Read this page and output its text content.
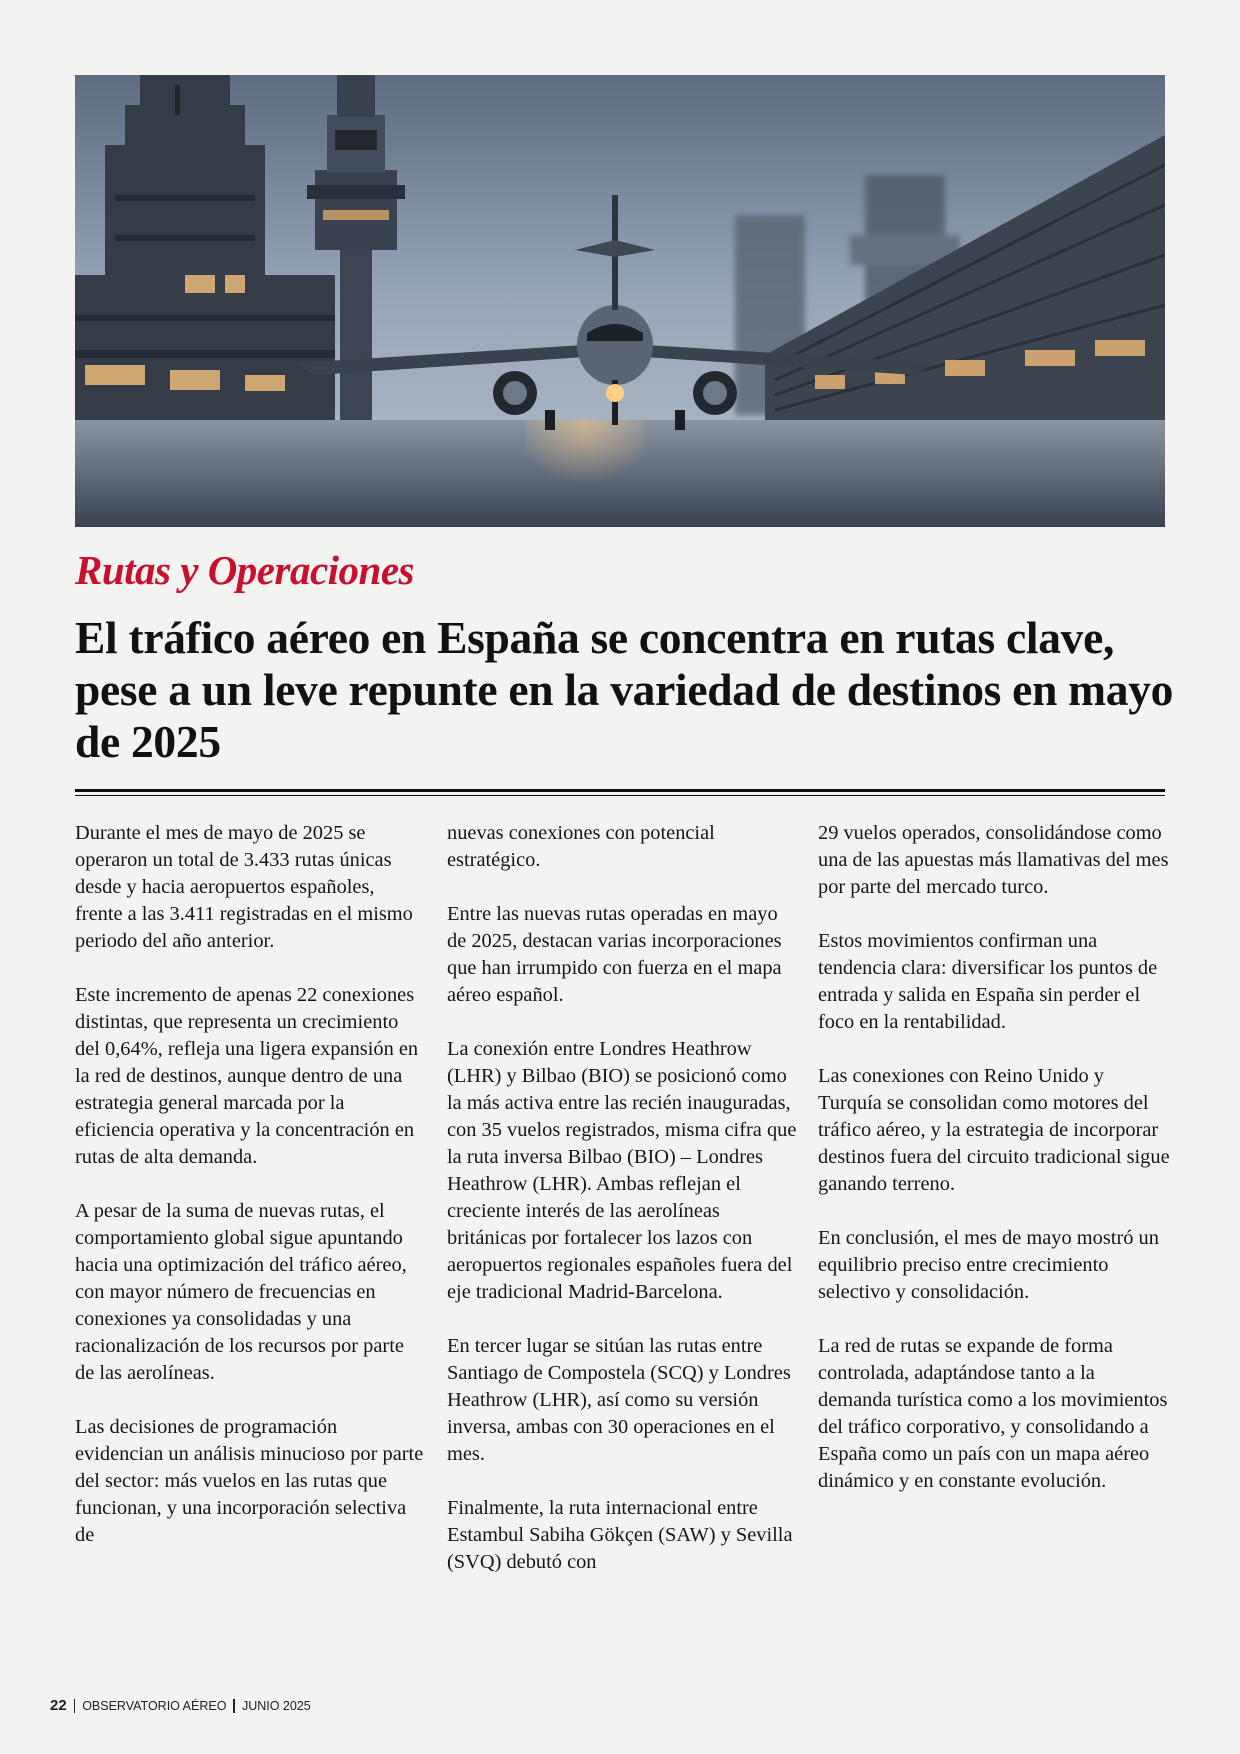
Rutas y Operaciones
El tráfico aéreo en España se concentra en rutas clave, pese a un leve repunte en la variedad de destinos en mayo de 2025

Durante el mes de mayo de 2025 se operaron un total de 3.433 rutas únicas desde y hacia aeropuertos españoles, frente a las 3.411 registradas en el mismo periodo del año anterior.

Este incremento de apenas 22 conexiones distintas, que representa un crecimiento del 0,64%, refleja una ligera expansión en la red de destinos, aunque dentro de una estrategia general marcada por la eficiencia operativa y la concentración en rutas de alta demanda.

A pesar de la suma de nuevas rutas, el comportamiento global sigue apuntando hacia una optimización del tráfico aéreo, con mayor número de frecuencias en conexiones ya consolidadas y una racionalización de los recursos por parte de las aerolíneas.

Las decisiones de programación evidencian un análisis minucioso por parte del sector: más vuelos en las rutas que funcionan, y una incorporación selectiva de

nuevas conexiones con potencial estratégico.

Entre las nuevas rutas operadas en mayo de 2025, destacan varias incorporaciones que han irrumpido con fuerza en el mapa aéreo español.

La conexión entre Londres Heathrow (LHR) y Bilbao (BIO) se posicionó como la más activa entre las recién inauguradas, con 35 vuelos registrados, misma cifra que la ruta inversa Bilbao (BIO) – Londres Heathrow (LHR). Ambas reflejan el creciente interés de las aerolíneas británicas por fortalecer los lazos con aeropuertos regionales españoles fuera del eje tradicional Madrid-Barcelona.

En tercer lugar se sitúan las rutas entre Santiago de Compostela (SCQ) y Londres Heathrow (LHR), así como su versión inversa, ambas con 30 operaciones en el mes.

Finalmente, la ruta internacional entre Estambul Sabiha Gökçen (SAW) y Sevilla (SVQ) debutó con

29 vuelos operados, consolidándose como una de las apuestas más llamativas del mes por parte del mercado turco.

Estos movimientos confirman una tendencia clara: diversificar los puntos de entrada y salida en España sin perder el foco en la rentabilidad.

Las conexiones con Reino Unido y Turquía se consolidan como motores del tráfico aéreo, y la estrategia de incorporar destinos fuera del circuito tradicional sigue ganando terreno.

En conclusión, el mes de mayo mostró un equilibrio preciso entre crecimiento selectivo y consolidación.

La red de rutas se expande de forma controlada, adaptándose tanto a la demanda turística como a los movimientos del tráfico corporativo, y consolidando a España como un país con un mapa aéreo dinámico y en constante evolución.

22 OBSERVATORIO AÉREO JUNIO 2025
